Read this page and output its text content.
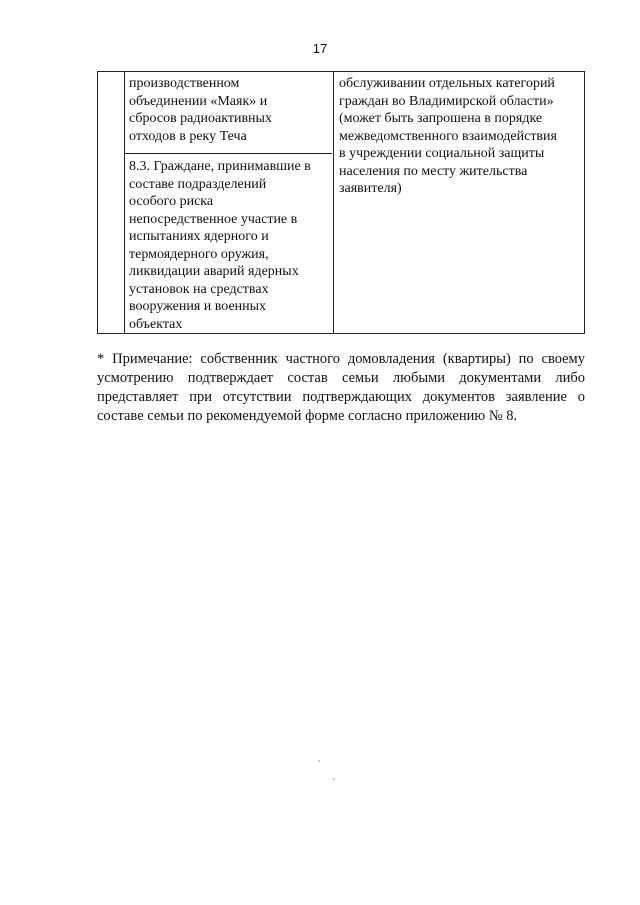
17

производственном

объединении «Маяк» и

сбросов радиоактивных

отходов в реку Теча

8.3. Граждане, принимавшие в

составе подразделений

особого риска

непосредственное участие в

испытаниях ядерного и

термоядерного оружия,

ликвидации аварий ядерных

установок на средствах

вооружения и военных

объектах

обслуживании отдельных категорий

граждан во Владимирской области»

(может быть запрошена в порядке

межведомственного взаимодействия

в учреждении социальной защиты

населения по месту жительства

заявителя)

* Примечание: собственник частного домовладения (квартиры) по своему усмотрению подтверждает состав семьи любыми документами либо представляет при отсутствии подтверждающих документов заявление о составе семьи по рекомендуемой форме согласно приложению № 8.
